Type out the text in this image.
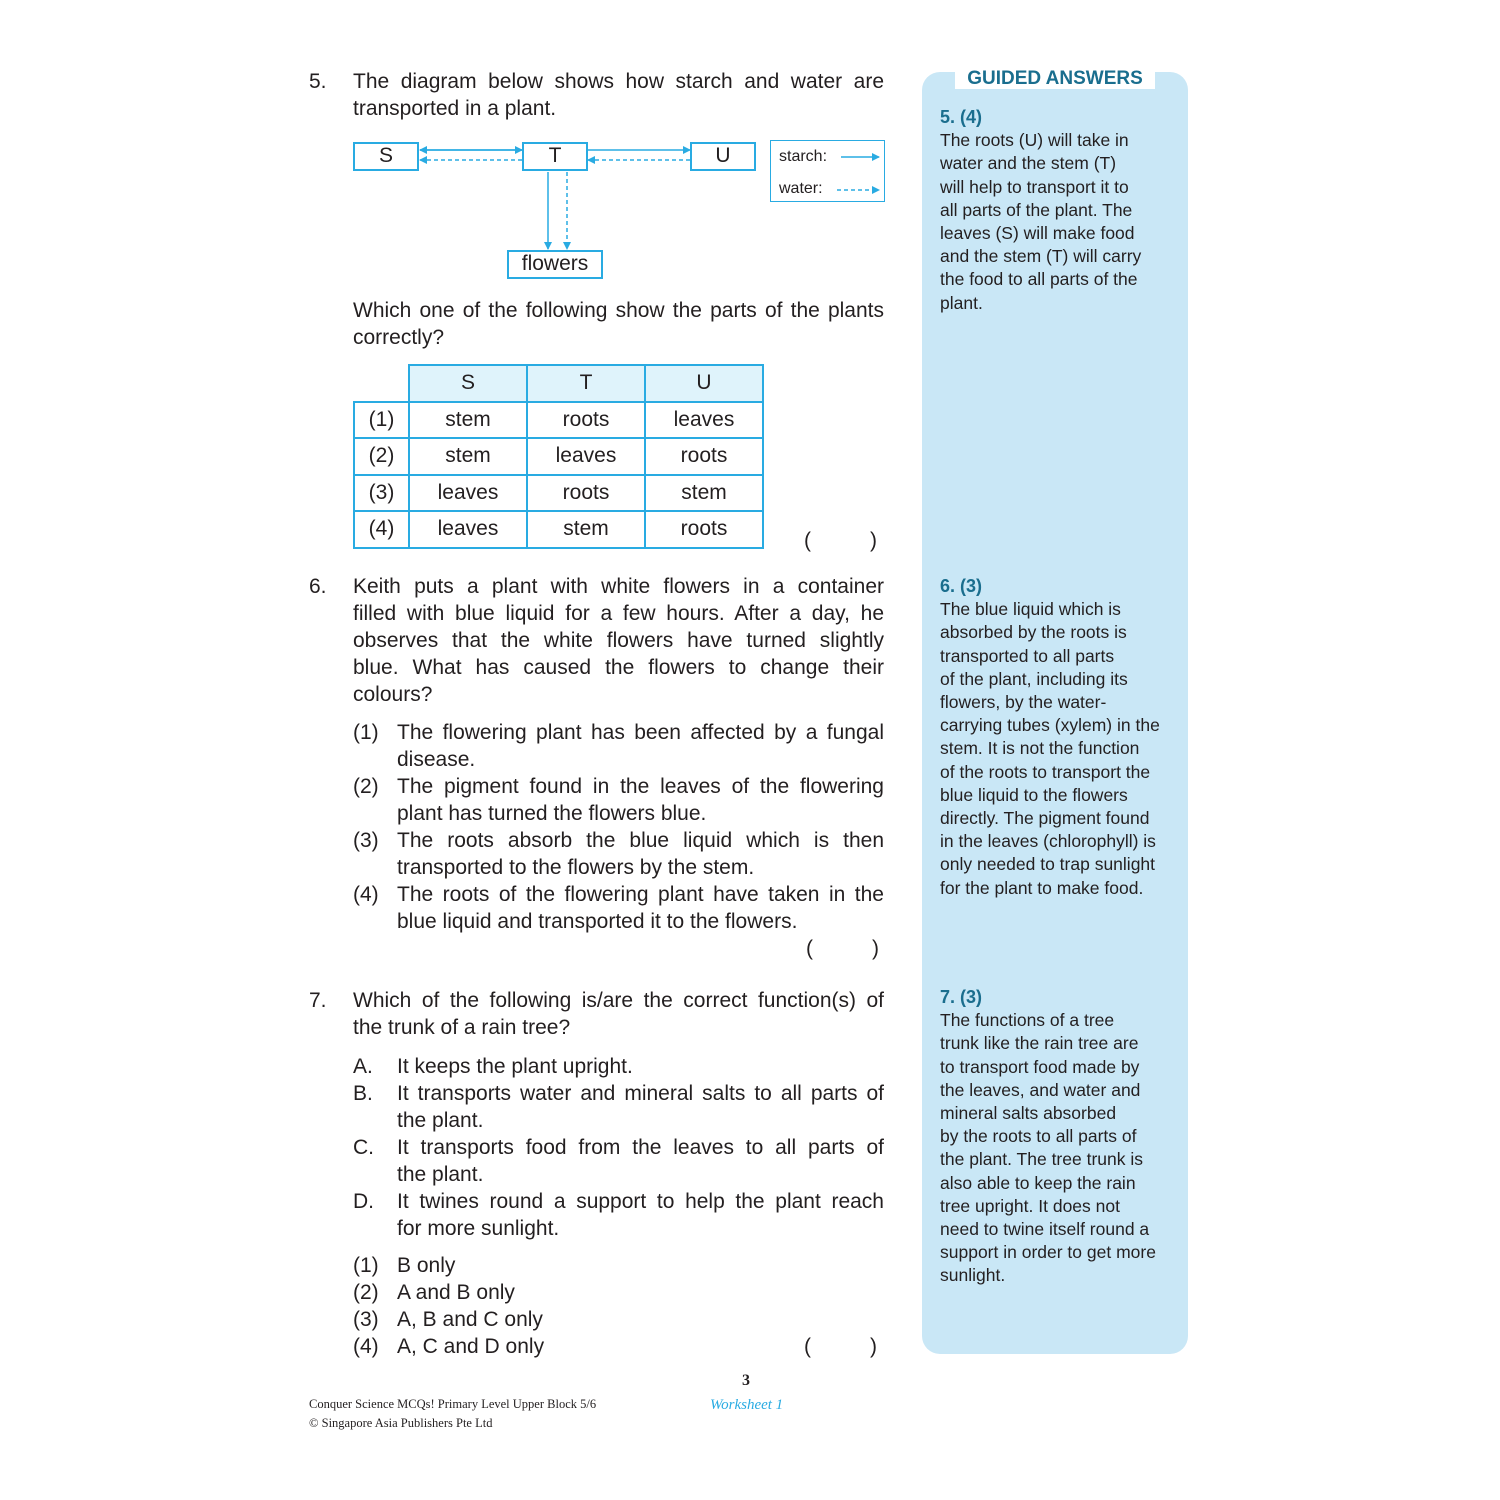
5. The diagram below shows how starch and water are
transported in a plant.
S	T	U
flowers
starch:
water:
Which one of the following show the parts of the plants
correctly?
	S	T	U
(1)	stem	roots	leaves
(2)	stem	leaves	roots
(3)	leaves	roots	stem
(4)	leaves	stem	roots
(	)
6. Keith puts a plant with white flowers in a container
filled with blue liquid for a few hours. After a day, he
observes that the white flowers have turned slightly
blue. What has caused the flowers to change their
colours?
(1) The flowering plant has been affected by a fungal
disease.
(2) The pigment found in the leaves of the flowering
plant has turned the flowers blue.
(3) The roots absorb the blue liquid which is then
transported to the flowers by the stem.
(4) The roots of the flowering plant have taken in the
blue liquid and transported it to the flowers.
(	)
7. Which of the following is/are the correct function(s) of
the trunk of a rain tree?
A. It keeps the plant upright.
B. It transports water and mineral salts to all parts of
the plant.
C. It transports food from the leaves to all parts of
the plant.
D. It twines round a support to help the plant reach
for more sunlight.
(1) B only
(2) A and B only
(3) A, B and C only
(4) A, C and D only	(	)
GUIDED ANSWERS
5. (4)
The roots (U) will take in
water and the stem (T)
will help to transport it to
all parts of the plant. The
leaves (S) will make food
and the stem (T) will carry
the food to all parts of the
plant.
6. (3)
The blue liquid which is
absorbed by the roots is
transported to all parts
of the plant, including its
flowers, by the water-
carrying tubes (xylem) in the
stem. It is not the function
of the roots to transport the
blue liquid to the flowers
directly. The pigment found
in the leaves (chlorophyll) is
only needed to trap sunlight
for the plant to make food.
7. (3)
The functions of a tree
trunk like the rain tree are
to transport food made by
the leaves, and water and
mineral salts absorbed
by the roots to all parts of
the plant. The tree trunk is
also able to keep the rain
tree upright. It does not
need to twine itself round a
support in order to get more
sunlight.
Conquer Science MCQs! Primary Level Upper Block 5/6
© Singapore Asia Publishers Pte Ltd
3
Worksheet 1
